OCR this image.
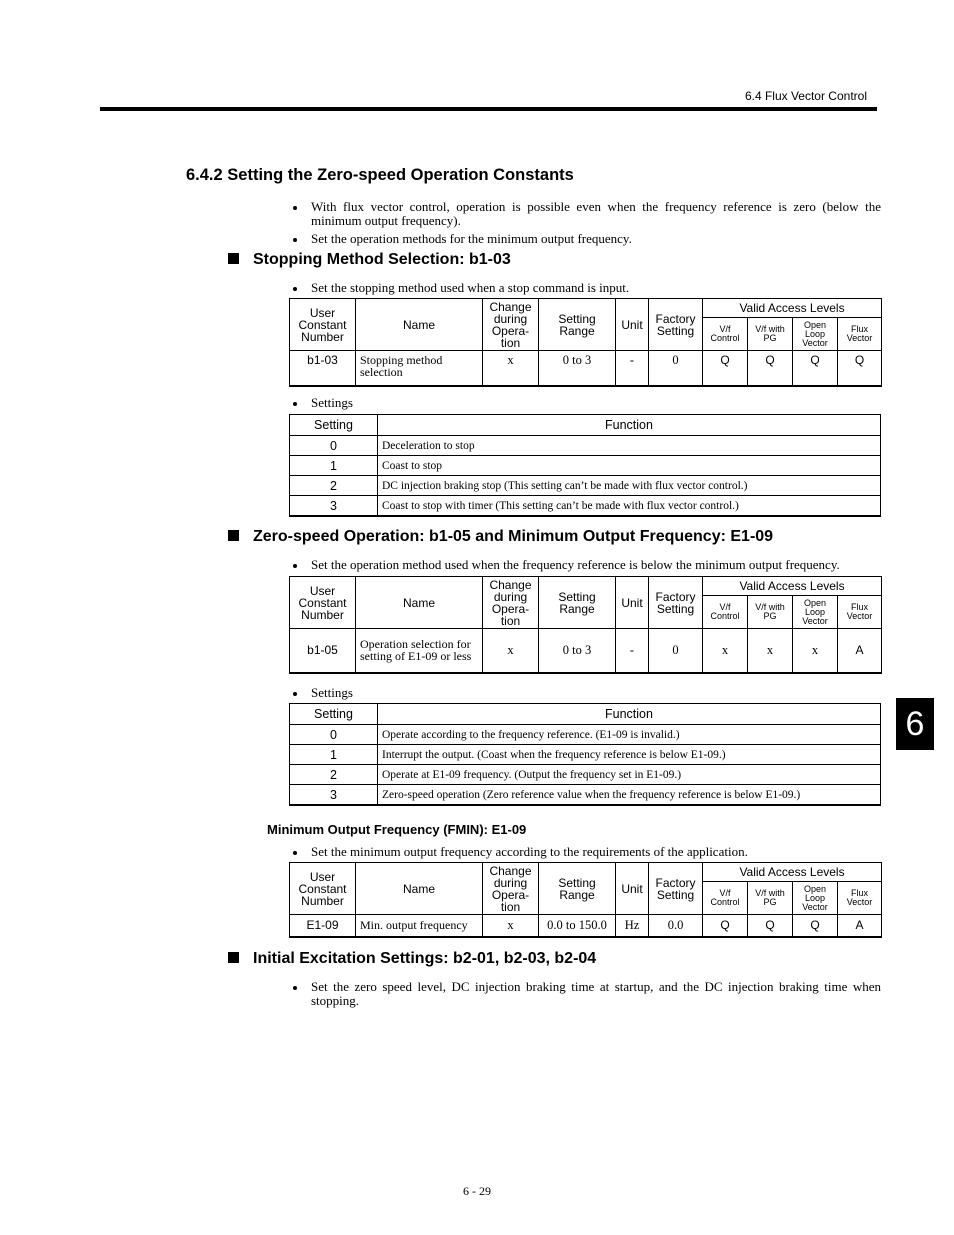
6.4 Flux Vector Control
6.4.2 Setting the Zero-speed Operation Constants
With flux vector control, operation is possible even when the frequency reference is zero (below the minimum output frequency).
Set the operation methods for the minimum output frequency.
Stopping Method Selection: b1-03
Set the stopping method used when a stop command is input.
User Constant Number	Name	Change during Opera- tion	Setting Range	Unit	Factory Setting	Valid Access Levels			
						V/f Control	V/f with PG	Open Loop Vector	Flux Vector
b1-03	Stopping method selection	x	0 to 3	-	0	Q	Q	Q	Q
Settings
Setting	Function
0	Deceleration to stop
1	Coast to stop
2	DC injection braking stop (This setting can’t be made with flux vector control.)
3	Coast to stop with timer (This setting can’t be made with flux vector control.)
Zero-speed Operation: b1-05 and Minimum Output Frequency: E1-09
Set the operation method used when the frequency reference is below the minimum output frequency.
User Constant Number	Name	Change during Opera- tion	Setting Range	Unit	Factory Setting	Valid Access Levels			
						V/f Control	V/f with PG	Open Loop Vector	Flux Vector
b1-05	Operation selection for setting of E1-09 or less	x	0 to 3	-	0	x	x	x	A
Settings
Setting	Function
0	Operate according to the frequency reference. (E1-09 is invalid.)
1	Interrupt the output. (Coast when the frequency reference is below E1-09.)
2	Operate at E1-09 frequency. (Output the frequency set in E1-09.)
3	Zero-speed operation (Zero reference value when the frequency reference is below E1-09.)
Minimum Output Frequency (FMIN): E1-09
Set the minimum output frequency according to the requirements of the application.
User Constant Number	Name	Change during Opera- tion	Setting Range	Unit	Factory Setting	Valid Access Levels			
						V/f Control	V/f with PG	Open Loop Vector	Flux Vector
E1-09	Min. output frequency	x	0.0 to 150.0	Hz	0.0	Q	Q	Q	A
Initial Excitation Settings: b2-01, b2-03, b2-04
Set the zero speed level, DC injection braking time at startup, and the DC injection braking time when stopping.
6
6 - 29
